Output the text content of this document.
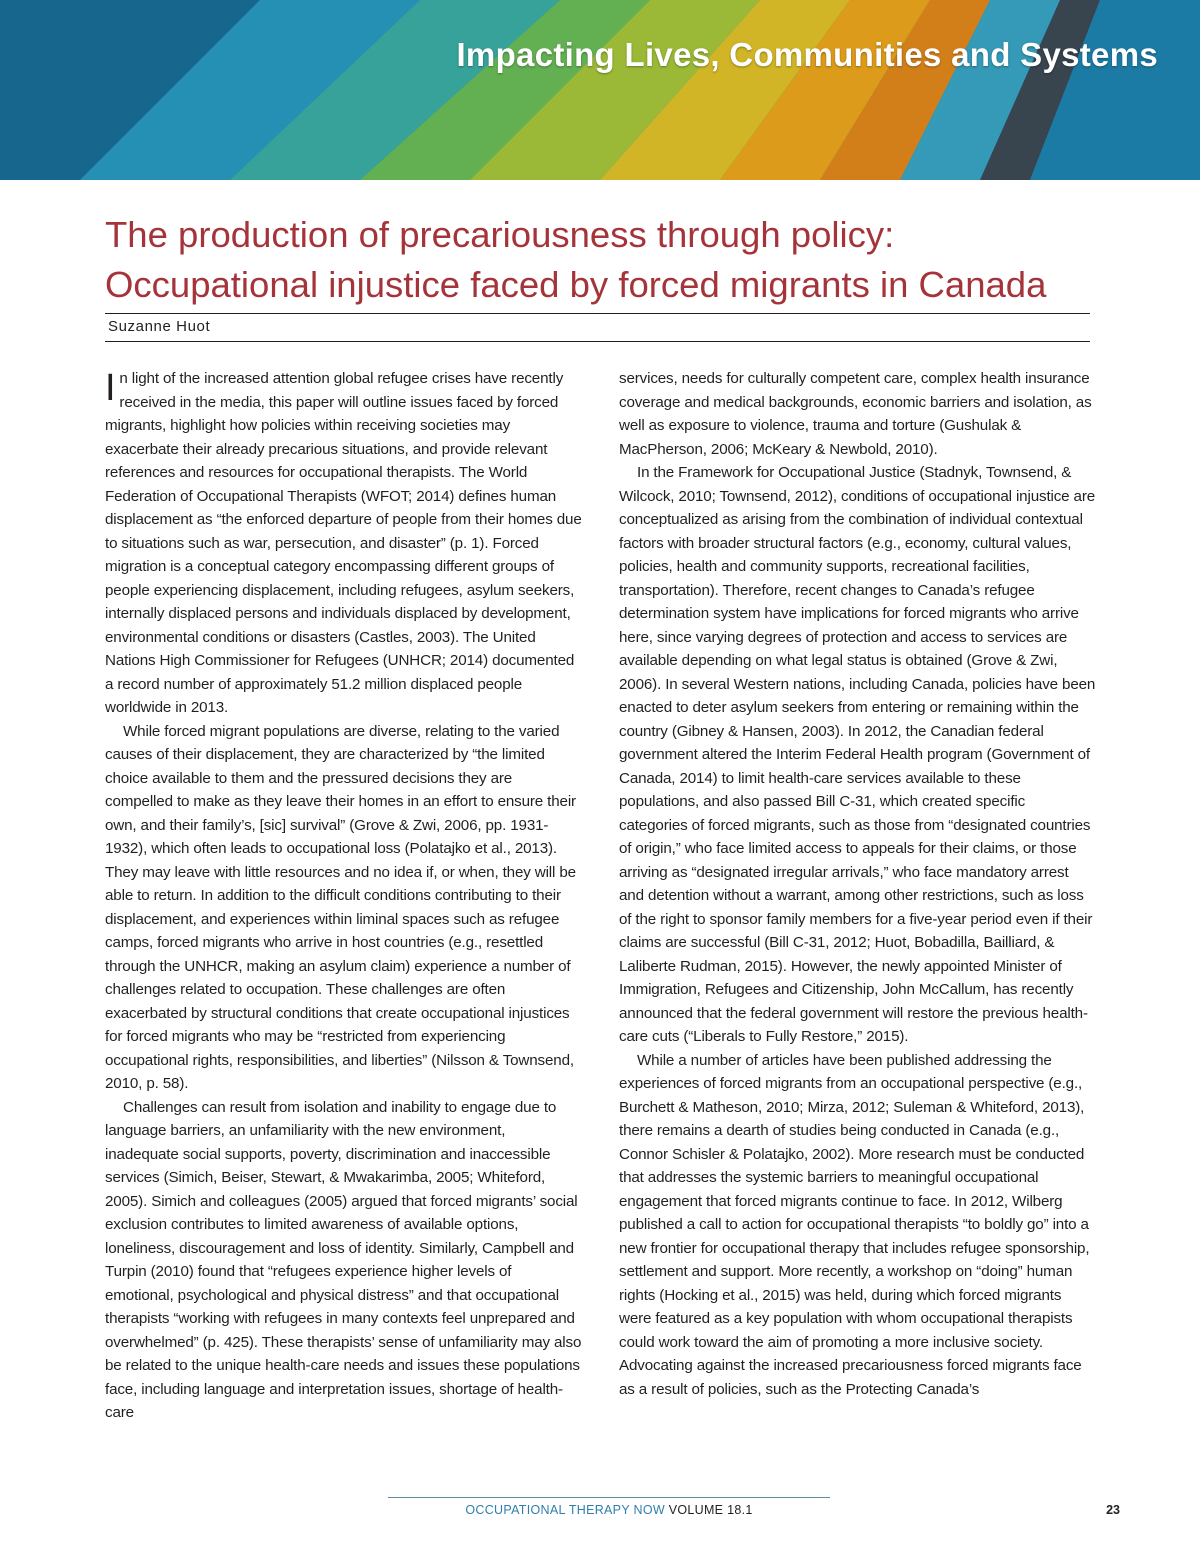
Impacting Lives, Communities and Systems
The production of precariousness through policy:
Occupational injustice faced by forced migrants in Canada
Suzanne Huot

In light of the increased attention global refugee crises have recently received in the media, this paper will outline issues faced by forced migrants, highlight how policies within receiving societies may exacerbate their already precarious situations, and provide relevant references and resources for occupational therapists. The World Federation of Occupational Therapists (WFOT; 2014) defines human displacement as “the enforced departure of people from their homes due to situations such as war, persecution, and disaster” (p. 1). Forced migration is a conceptual category encompassing different groups of people experiencing displacement, including refugees, asylum seekers, internally displaced persons and individuals displaced by development, environmental conditions or disasters (Castles, 2003). The United Nations High Commissioner for Refugees (UNHCR; 2014) documented a record number of approximately 51.2 million displaced people worldwide in 2013.

While forced migrant populations are diverse, relating to the varied causes of their displacement, they are characterized by “the limited choice available to them and the pressured decisions they are compelled to make as they leave their homes in an effort to ensure their own, and their family’s, [sic] survival” (Grove & Zwi, 2006, pp. 1931-1932), which often leads to occupational loss (Polatajko et al., 2013). They may leave with little resources and no idea if, or when, they will be able to return. In addition to the difficult conditions contributing to their displacement, and experiences within liminal spaces such as refugee camps, forced migrants who arrive in host countries (e.g., resettled through the UNHCR, making an asylum claim) experience a number of challenges related to occupation. These challenges are often exacerbated by structural conditions that create occupational injustices for forced migrants who may be “restricted from experiencing occupational rights, responsibilities, and liberties” (Nilsson & Townsend, 2010, p. 58).

Challenges can result from isolation and inability to engage due to language barriers, an unfamiliarity with the new environment, inadequate social supports, poverty, discrimination and inaccessible services (Simich, Beiser, Stewart, & Mwakarimba, 2005; Whiteford, 2005). Simich and colleagues (2005) argued that forced migrants’ social exclusion contributes to limited awareness of available options, loneliness, discouragement and loss of identity. Similarly, Campbell and Turpin (2010) found that “refugees experience higher levels of emotional, psychological and physical distress” and that occupational therapists “working with refugees in many contexts feel unprepared and overwhelmed” (p. 425). These therapists’ sense of unfamiliarity may also be related to the unique health-care needs and issues these populations face, including language and interpretation issues, shortage of health-care

services, needs for culturally competent care, complex health insurance coverage and medical backgrounds, economic barriers and isolation, as well as exposure to violence, trauma and torture (Gushulak & MacPherson, 2006; McKeary & Newbold, 2010).

In the Framework for Occupational Justice (Stadnyk, Townsend, & Wilcock, 2010; Townsend, 2012), conditions of occupational injustice are conceptualized as arising from the combination of individual contextual factors with broader structural factors (e.g., economy, cultural values, policies, health and community supports, recreational facilities, transportation). Therefore, recent changes to Canada’s refugee determination system have implications for forced migrants who arrive here, since varying degrees of protection and access to services are available depending on what legal status is obtained (Grove & Zwi, 2006). In several Western nations, including Canada, policies have been enacted to deter asylum seekers from entering or remaining within the country (Gibney & Hansen, 2003). In 2012, the Canadian federal government altered the Interim Federal Health program (Government of Canada, 2014) to limit health-care services available to these populations, and also passed Bill C-31, which created specific categories of forced migrants, such as those from “designated countries of origin,” who face limited access to appeals for their claims, or those arriving as “designated irregular arrivals,” who face mandatory arrest and detention without a warrant, among other restrictions, such as loss of the right to sponsor family members for a five-year period even if their claims are successful (Bill C-31, 2012; Huot, Bobadilla, Bailliard, & Laliberte Rudman, 2015). However, the newly appointed Minister of Immigration, Refugees and Citizenship, John McCallum, has recently announced that the federal government will restore the previous health-care cuts (“Liberals to Fully Restore,” 2015).

While a number of articles have been published addressing the experiences of forced migrants from an occupational perspective (e.g., Burchett & Matheson, 2010; Mirza, 2012; Suleman & Whiteford, 2013), there remains a dearth of studies being conducted in Canada (e.g., Connor Schisler & Polatajko, 2002). More research must be conducted that addresses the systemic barriers to meaningful occupational engagement that forced migrants continue to face. In 2012, Wilberg published a call to action for occupational therapists “to boldly go” into a new frontier for occupational therapy that includes refugee sponsorship, settlement and support. More recently, a workshop on “doing” human rights (Hocking et al., 2015) was held, during which forced migrants were featured as a key population with whom occupational therapists could work toward the aim of promoting a more inclusive society. Advocating against the increased precariousness forced migrants face as a result of policies, such as the Protecting Canada’s

OCCUPATIONAL THERAPY NOW VOLUME 18.1	23
